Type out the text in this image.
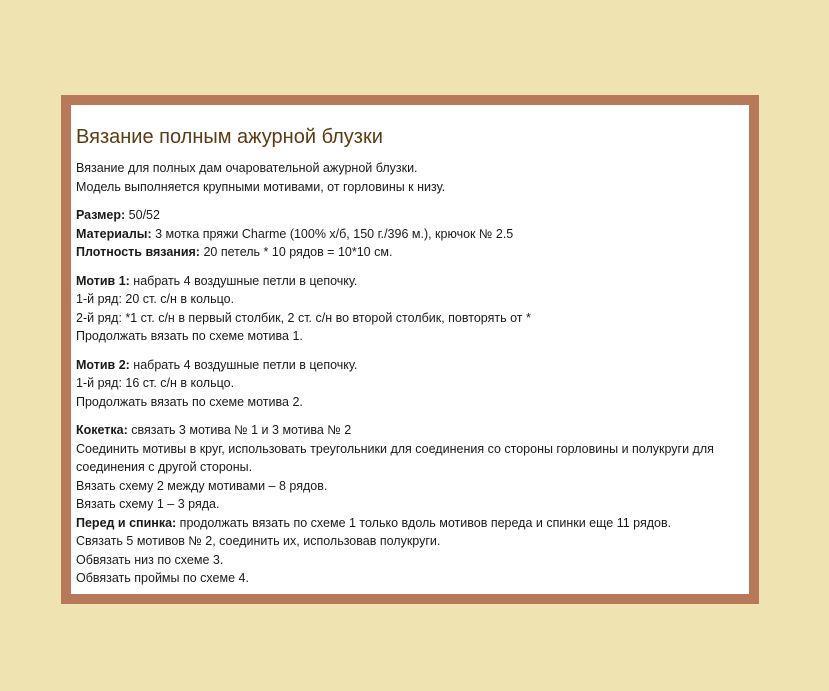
Вязание полным ажурной блузки
Вязание для полных дам очаровательной ажурной блузки.
Модель выполняется крупными мотивами, от горловины к низу.
Размер: 50/52
Материалы: 3 мотка пряжи Charme (100% х/б, 150 г./396 м.), крючок № 2.5
Плотность вязания: 20 петель * 10 рядов = 10*10 см.
Мотив 1: набрать 4 воздушные петли в цепочку.
1-й ряд: 20 ст. с/н в кольцо.
2-й ряд: *1 ст. с/н в первый столбик, 2 ст. с/н во второй столбик, повторять от *
Продолжать вязать по схеме мотива 1.
Мотив 2: набрать 4 воздушные петли в цепочку.
1-й ряд: 16 ст. с/н в кольцо.
Продолжать вязать по схеме мотива 2.
Кокетка: связать 3 мотива № 1 и 3 мотива № 2
Соединить мотивы в круг, использовать треугольники для соединения со стороны горловины и полукруги для соединения с другой стороны.
Вязать схему 2 между мотивами – 8 рядов.
Вязать схему 1 – 3 ряда.
Перед и спинка: продолжать вязать по схеме 1 только вдоль мотивов переда и спинки еще 11 рядов.
Связать 5 мотивов № 2, соединить их, использовав полукруги.
Обвязать низ по схеме 3.
Обвязать проймы по схеме 4.
